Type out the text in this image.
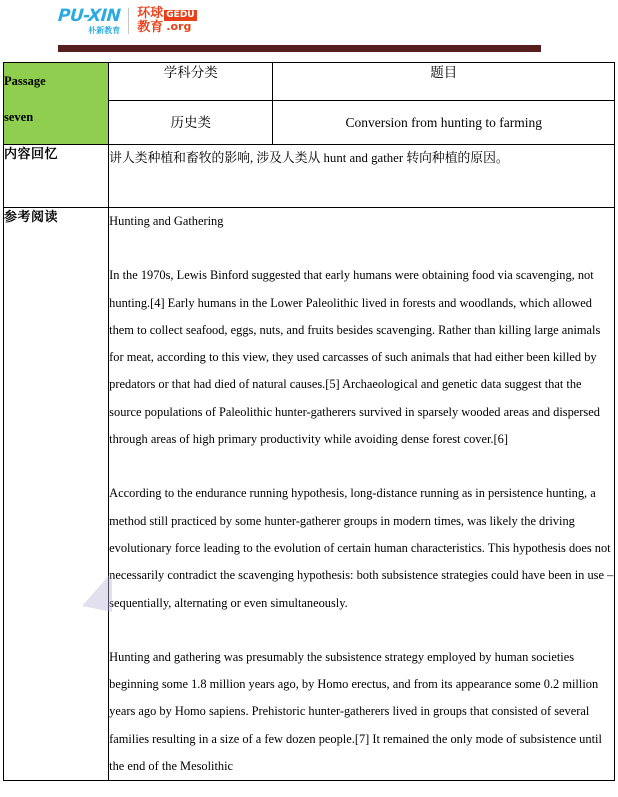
PU-XIN
朴新教育
环球
教育
GEDU
.org
Passage
seven	学科分类	题目
	历史类	Conversion from hunting to farming
内容回忆	讲人类种植和畜牧的影响, 涉及人类从 hunt and gather 转向种植的原因。	
参考阅读	Hunting and Gathering

In the 1970s, Lewis Binford suggested that early humans were obtaining food via scavenging, not hunting.[4] Early humans in the Lower Paleolithic lived in forests and woodlands, which allowed them to collect seafood, eggs, nuts, and fruits besides scavenging. Rather than killing large animals for meat, according to this view, they used carcasses of such animals that had either been killed by predators or that had died of natural causes.[5] Archaeological and genetic data suggest that the source populations of Paleolithic hunter-gatherers survived in sparsely wooded areas and dispersed through areas of high primary productivity while avoiding dense forest cover.[6]

According to the endurance running hypothesis, long-distance running as in persistence hunting, a method still practiced by some hunter-gatherer groups in modern times, was likely the driving evolutionary force leading to the evolution of certain human characteristics. This hypothesis does not necessarily contradict the scavenging hypothesis: both subsistence strategies could have been in use – sequentially, alternating or even simultaneously.

Hunting and gathering was presumably the subsistence strategy employed by human societies beginning some 1.8 million years ago, by Homo erectus, and from its appearance some 0.2 million years ago by Homo sapiens. Prehistoric hunter-gatherers lived in groups that consisted of several families resulting in a size of a few dozen people.[7] It remained the only mode of subsistence until the end of the Mesolithic	
